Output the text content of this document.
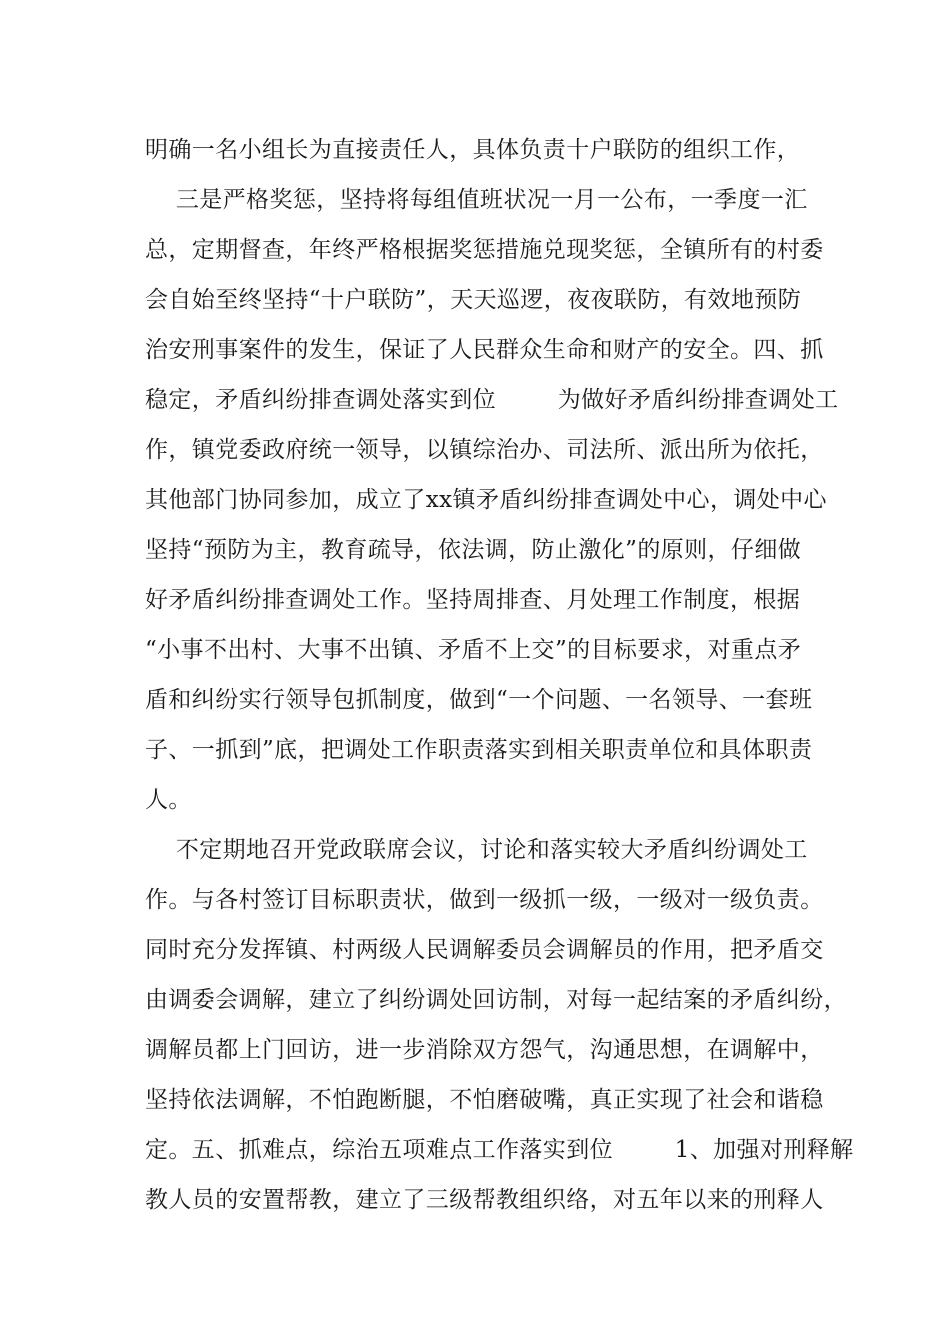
明确一名小组长为直接责任人，具体负责十户联防的组织工作，
三是严格奖惩，坚持将每组值班状况一月一公布，一季度一汇
总，定期督查，年终严格根据奖惩措施兑现奖惩，全镇所有的村委
会自始至终坚持“十户联防”，天天巡逻，夜夜联防，有效地预防
治安刑事案件的发生，保证了人民群众生命和财产的安全。四、抓
稳定，矛盾纠纷排查调处落实到位        为做好矛盾纠纷排查调处工
作，镇党委政府统一领导，以镇综治办、司法所、派出所为依托，
其他部门协同参加，成立了xx镇矛盾纠纷排查调处中心，调处中心
坚持“预防为主，教育疏导，依法调，防止激化”的原则，仔细做
好矛盾纠纷排查调处工作。坚持周排查、月处理工作制度，根据
“小事不出村、大事不出镇、矛盾不上交”的目标要求，对重点矛
盾和纠纷实行领导包抓制度，做到“一个问题、一名领导、一套班
子、一抓到”底，把调处工作职责落实到相关职责单位和具体职责
人。
不定期地召开党政联席会议，讨论和落实较大矛盾纠纷调处工
作。与各村签订目标职责状，做到一级抓一级，一级对一级负责。
同时充分发挥镇、村两级人民调解委员会调解员的作用，把矛盾交
由调委会调解，建立了纠纷调处回访制，对每一起结案的矛盾纠纷，
调解员都上门回访，进一步消除双方怨气，沟通思想，在调解中，
坚持依法调解，不怕跑断腿，不怕磨破嘴，真正实现了社会和谐稳
定。五、抓难点，综治五项难点工作落实到位        1、加强对刑释解
教人员的安置帮教，建立了三级帮教组织络，对五年以来的刑释人
